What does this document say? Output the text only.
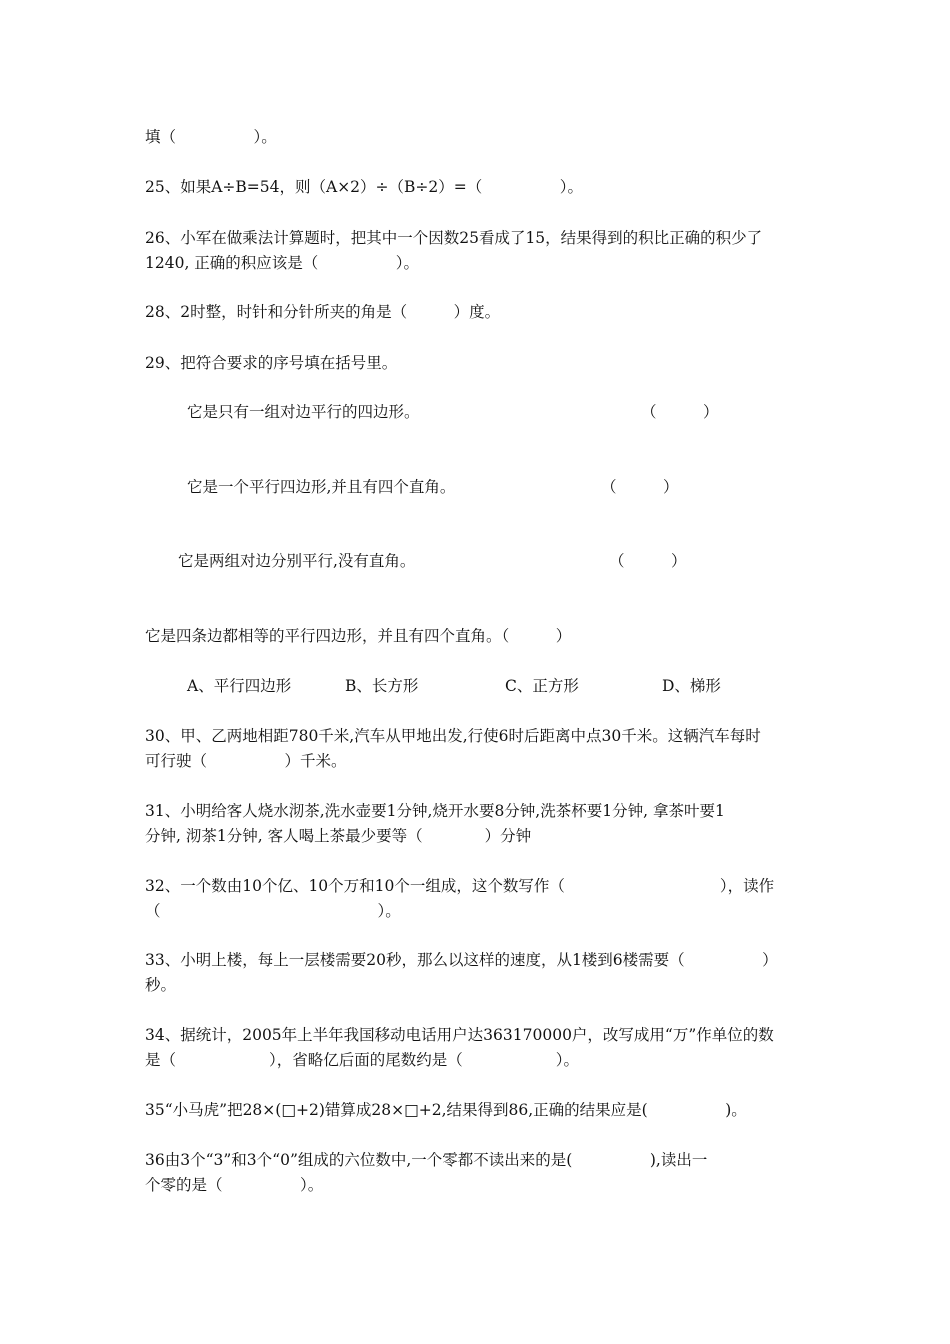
填（　　　　　）。
25、如果A÷B=54，则（A×2）÷（B÷2）=（　　　　　）。
26、小军在做乘法计算题时，把其中一个因数25看成了15，结果得到的积比正确的积少了
1240, 正确的积应该是（　　　　　）。
28、2时整，时针和分针所夹的角是（　　　）度。
29、把符合要求的序号填在括号里。
它是只有一组对边平行的四边形。	（　　　）
它是一个平行四边形,并且有四个直角。	（　　　）
它是两组对边分别平行,没有直角。	（　　　）
它是四条边都相等的平行四边形，并且有四个直角。（　　　）
A、平行四边形	B、长方形	C、正方形	D、梯形
30、甲、乙两地相距780千米,汽车从甲地出发,行使6时后距离中点30千米。这辆汽车每时
可行驶（　　　　　）千米。
31、小明给客人烧水沏茶,洗水壶要1分钟,烧开水要8分钟,洗茶杯要1分钟, 拿茶叶要1
分钟, 沏茶1分钟, 客人喝上茶最少要等（　　　　）分钟
32、一个数由10个亿、10个万和10个一组成，这个数写作（　　　　　　　　　　），读作
（　　　　　　　　　　　　　　）。
33、小明上楼，每上一层楼需要20秒，那么以这样的速度，从1楼到6楼需要（　　　　　）
秒。
34、据统计，2005年上半年我国移动电话用户达363170000户，改写成用“万”作单位的数
是（　　　　　　），省略亿后面的尾数约是（　　　　　　）。
35“小马虎”把28×(□+2)错算成28×□+2,结果得到86,正确的结果应是(　　　　　)。
36由3个“3”和3个“0”组成的六位数中,一个零都不读出来的是(　　　　　),读出一
个零的是（　　　　　）。
